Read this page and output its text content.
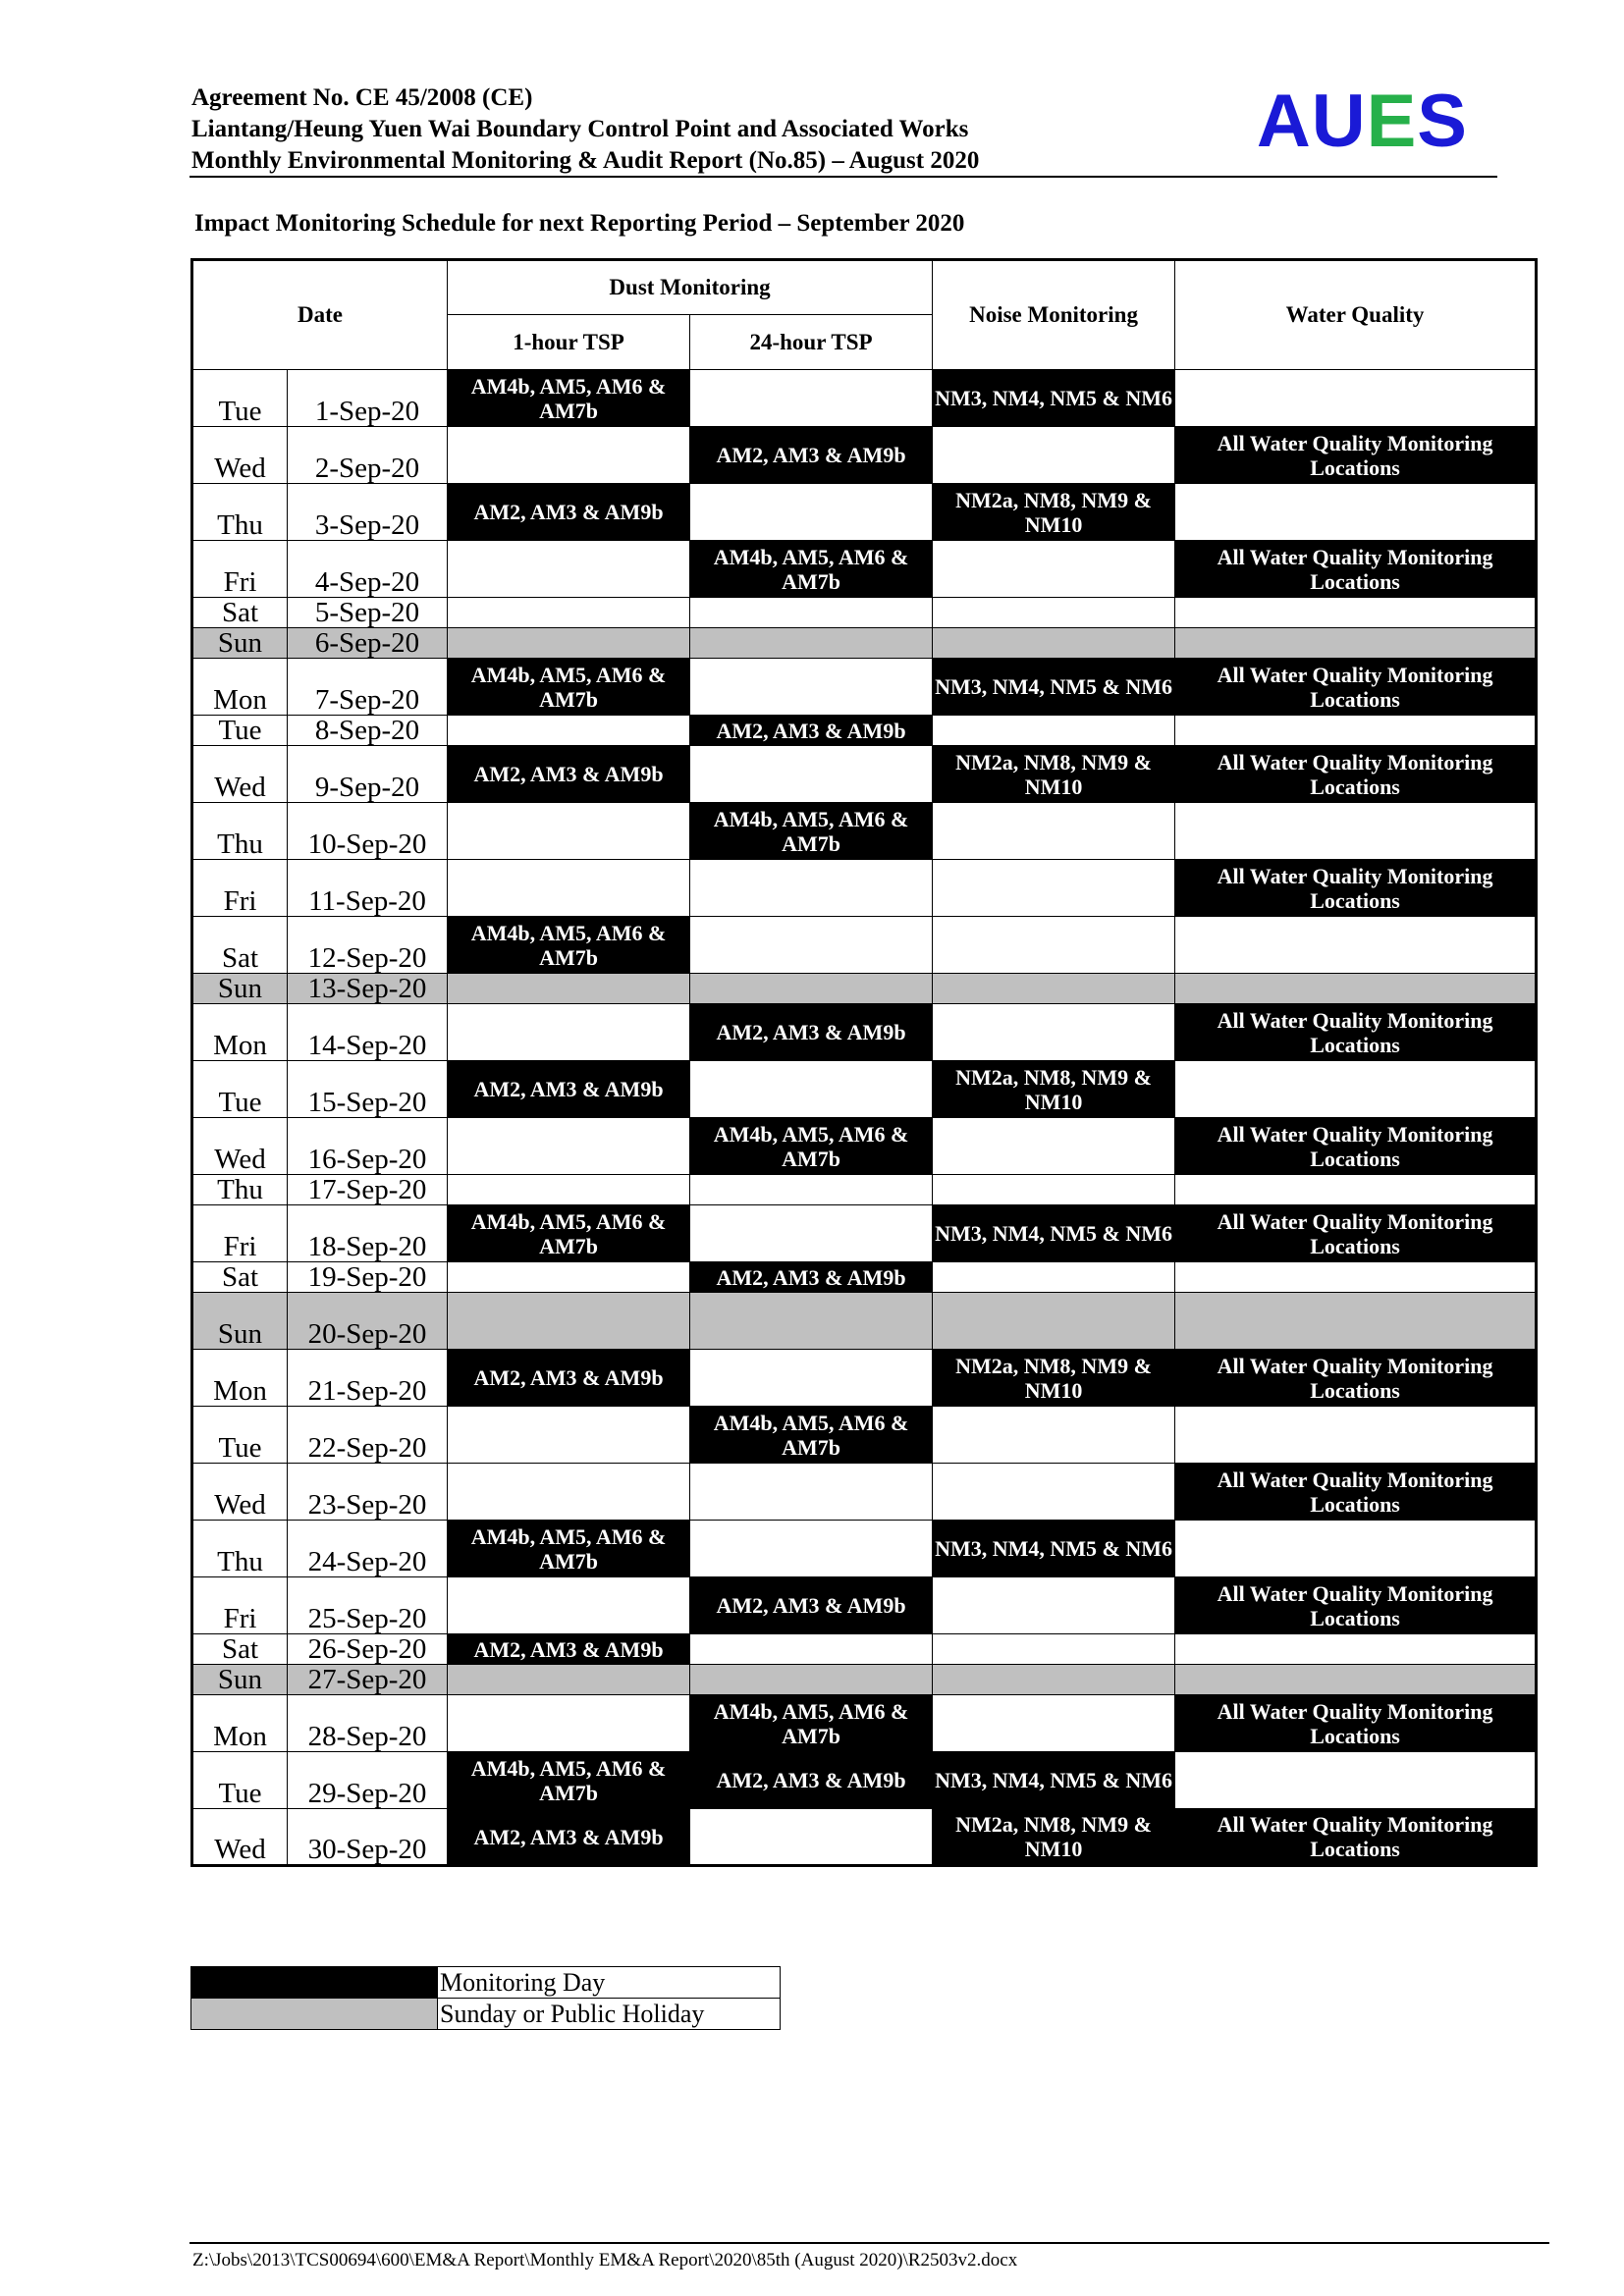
Agreement No. CE 45/2008 (CE)
Liantang/Heung Yuen Wai Boundary Control Point and Associated Works
Monthly Environmental Monitoring & Audit Report (No.85) – August 2020	AUES
Impact Monitoring Schedule for next Reporting Period – September 2020
Date		Dust Monitoring		Noise Monitoring	Water Quality
		1-hour TSP	24-hour TSP		
Tue	1-Sep-20	AM4b, AM5, AM6 & AM7b		NM3, NM4, NM5 & NM6	
Wed	2-Sep-20		AM2, AM3 & AM9b		All Water Quality Monitoring Locations
Thu	3-Sep-20	AM2, AM3 & AM9b		NM2a, NM8, NM9 & NM10	
Fri	4-Sep-20		AM4b, AM5, AM6 & AM7b		All Water Quality Monitoring Locations
Sat	5-Sep-20				
Sun	6-Sep-20				
Mon	7-Sep-20	AM4b, AM5, AM6 & AM7b		NM3, NM4, NM5 & NM6	All Water Quality Monitoring Locations
Tue	8-Sep-20		AM2, AM3 & AM9b		
Wed	9-Sep-20	AM2, AM3 & AM9b		NM2a, NM8, NM9 & NM10	All Water Quality Monitoring Locations
Thu	10-Sep-20		AM4b, AM5, AM6 & AM7b		
Fri	11-Sep-20				All Water Quality Monitoring Locations
Sat	12-Sep-20	AM4b, AM5, AM6 & AM7b			
Sun	13-Sep-20				
Mon	14-Sep-20		AM2, AM3 & AM9b		All Water Quality Monitoring Locations
Tue	15-Sep-20	AM2, AM3 & AM9b		NM2a, NM8, NM9 & NM10	
Wed	16-Sep-20		AM4b, AM5, AM6 & AM7b		All Water Quality Monitoring Locations
Thu	17-Sep-20				
Fri	18-Sep-20	AM4b, AM5, AM6 & AM7b		NM3, NM4, NM5 & NM6	All Water Quality Monitoring Locations
Sat	19-Sep-20		AM2, AM3 & AM9b		
Sun	20-Sep-20				
Mon	21-Sep-20	AM2, AM3 & AM9b		NM2a, NM8, NM9 & NM10	All Water Quality Monitoring Locations
Tue	22-Sep-20		AM4b, AM5, AM6 & AM7b		
Wed	23-Sep-20				All Water Quality Monitoring Locations
Thu	24-Sep-20	AM4b, AM5, AM6 & AM7b		NM3, NM4, NM5 & NM6	
Fri	25-Sep-20		AM2, AM3 & AM9b		All Water Quality Monitoring Locations
Sat	26-Sep-20	AM2, AM3 & AM9b			
Sun	27-Sep-20				
Mon	28-Sep-20		AM4b, AM5, AM6 & AM7b		All Water Quality Monitoring Locations
Tue	29-Sep-20	AM4b, AM5, AM6 & AM7b	AM2, AM3 & AM9b	NM3, NM4, NM5 & NM6	
Wed	30-Sep-20	AM2, AM3 & AM9b		NM2a, NM8, NM9 & NM10	All Water Quality Monitoring Locations
	Monitoring Day
	Sunday or Public Holiday
Z:\Jobs\2013\TCS00694\600\EM&A Report\Monthly EM&A Report\2020\85th (August 2020)\R2503v2.docx
